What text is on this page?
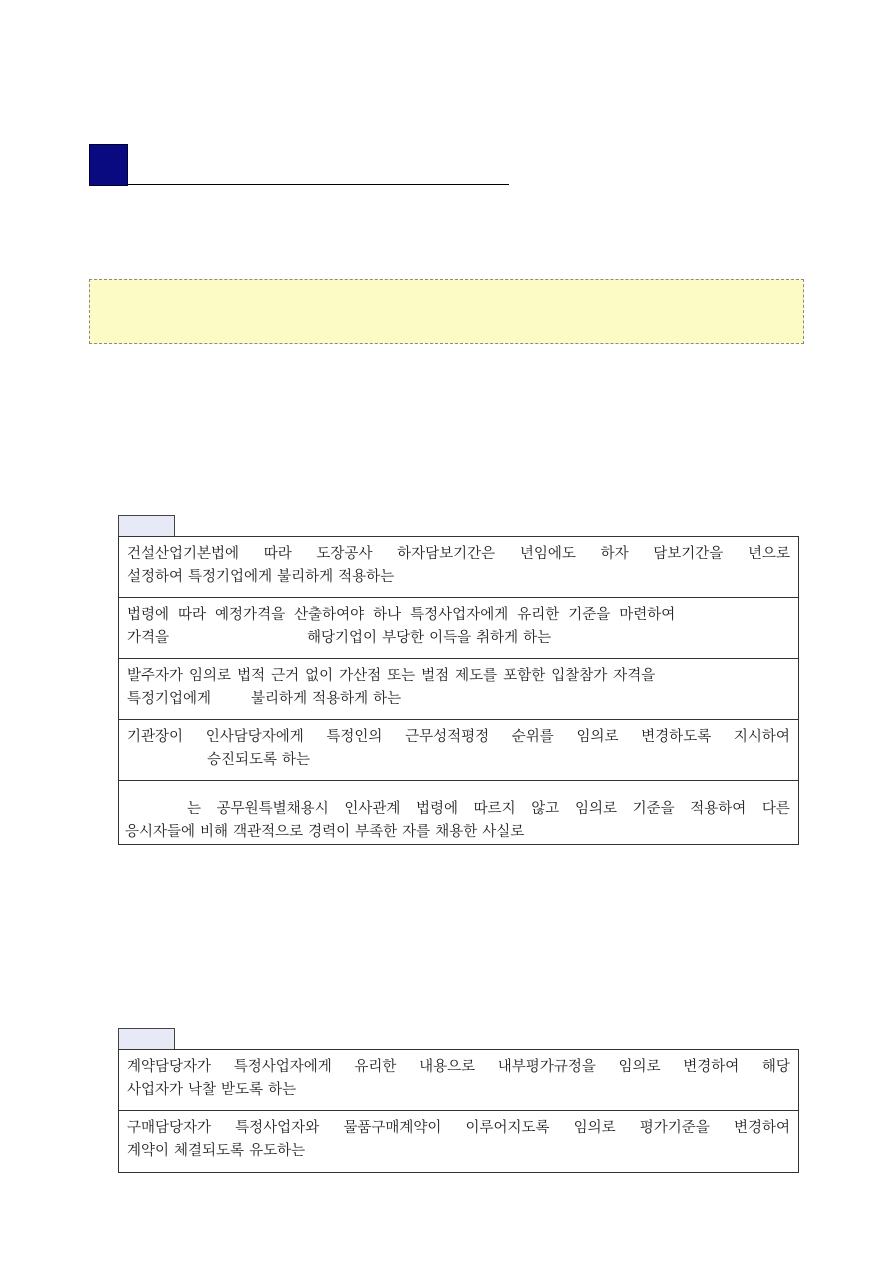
건설산업기본법에 따라 도장공사 하자담보기간은 년임에도 하자 담보기간을 년으로
설정하여 특정기업에게 불리하게 적용하는
법령에 따라 예정가격을 산출하여야 하나 특정사업자에게 유리한 기준을 마련하여
가격을	해당기업이 부당한 이득을 취하게 하는
발주자가 임의로 법적 근거 없이 가산점 또는 벌점 제도를 포함한 입찰참가 자격을
특정기업에게	불리하게 적용하게 하는
기관장이 인사담당자에게 특정인의 근무성적평정 순위를 임의로 변경하도록 지시하여
승진되도록 하는
는 공무원특별채용시 인사관계 법령에 따르지 않고 임의로 기준을 적용하여 다른
응시자들에 비해 객관적으로 경력이 부족한 자를 채용한 사실로
계약담당자가 특정사업자에게 유리한 내용으로 내부평가규정을 임의로 변경하여 해당
사업자가 낙찰 받도록 하는
구매담당자가 특정사업자와 물품구매계약이 이루어지도록 임의로 평가기준을 변경하여
계약이 체결되도록 유도하는
